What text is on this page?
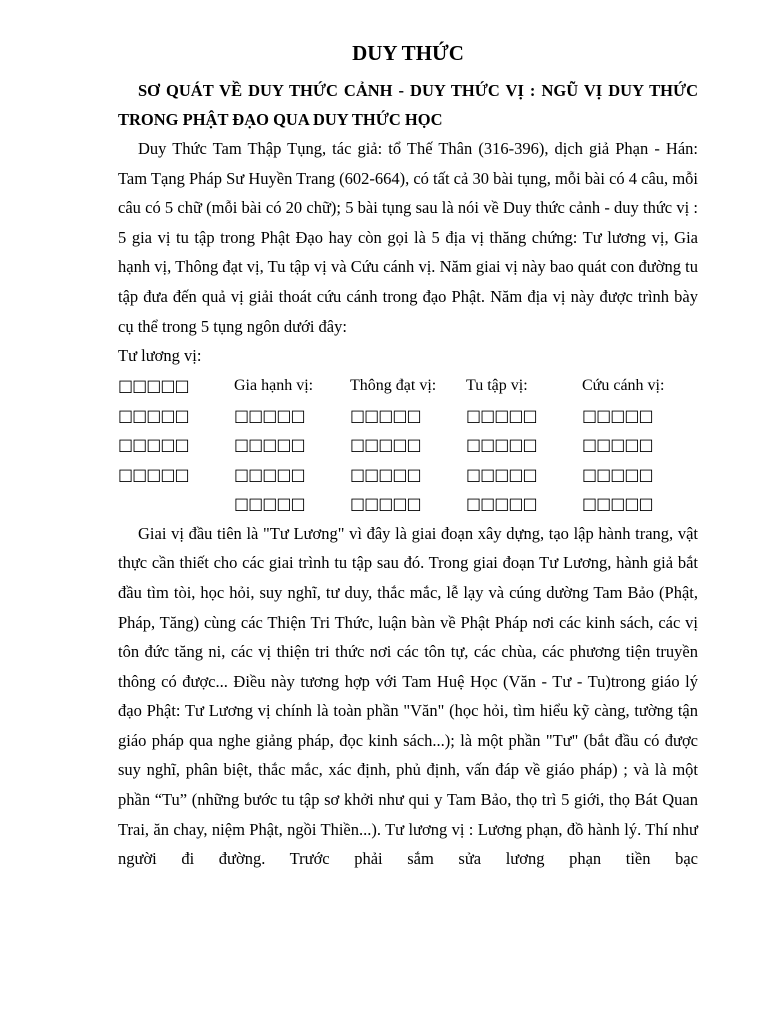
DUY THỨC

SƠ QUÁT VỀ DUY THỨC CẢNH - DUY THỨC VỊ : NGŨ VỊ DUY THỨC TRONG PHẬT ĐẠO QUA DUY THỨC HỌC

Duy Thức Tam Thập Tụng, tác giả: tổ Thế Thân (316-396), dịch giả Phạn - Hán: Tam Tạng Pháp Sư Huyền Trang (602-664), có tất cả 30 bài tụng, mỗi bài có 4 câu, mỗi câu có 5 chữ (mỗi bài có 20 chữ); 5 bài tụng sau là nói về Duy thức cảnh - duy thức vị : 5 gia vị tu tập trong Phật Đạo hay còn gọi là 5 địa vị thăng chứng: Tư lương vị, Gia hạnh vị, Thông đạt vị, Tu tập vị và Cứu cánh vị. Năm giai vị này bao quát con đường tu tập đưa đến quả vị giải thoát cứu cánh trong đạo Phật. Năm địa vị này được trình bày cụ thể trong 5 tụng ngôn dưới đây:

Tư lương vị:

□□□□□	Gia hạnh vị:	Thông đạt vị:	Tu tập vị:	Cứu cánh vị:
□□□□□	□□□□□	□□□□□	□□□□□	□□□□□
□□□□□	□□□□□	□□□□□	□□□□□	□□□□□
□□□□□	□□□□□	□□□□□	□□□□□	□□□□□
	□□□□□	□□□□□	□□□□□	□□□□□

Giai vị đầu tiên là "Tư Lương" vì đây là giai đoạn xây dựng, tạo lập hành trang, vật thực cần thiết cho các giai trình tu tập sau đó. Trong giai đoạn Tư Lương, hành giả bắt đầu tìm tòi, học hỏi, suy nghĩ, tư duy, thắc mắc, lễ lạy và cúng dường Tam Bảo (Phật, Pháp, Tăng) cùng các Thiện Tri Thức, luận bàn về Phật Pháp nơi các kinh sách, các vị tôn đức tăng ni, các vị thiện tri thức nơi các tôn tự, các chùa, các phương tiện truyền thông có được... Điều này tương hợp với Tam Huệ Học (Văn - Tư - Tu)trong giáo lý đạo Phật: Tư Lương vị chính là toàn phần "Văn" (học hỏi, tìm hiểu kỹ càng, tường tận giáo pháp qua nghe giảng pháp, đọc kinh sách...); là một phần "Tư" (bắt đầu có được suy nghĩ, phân biệt, thắc mắc, xác định, phủ định, vấn đáp về giáo pháp) ; và là một phần “Tu” (những bước tu tập sơ khởi như qui y Tam Bảo, thọ trì 5 giới, thọ Bát Quan Trai, ăn chay, niệm Phật, ngồi Thiền...). Tư lương vị : Lương phạn, đồ hành lý. Thí như người đi đường. Trước phải sắm sửa lương phạn tiền bạc
